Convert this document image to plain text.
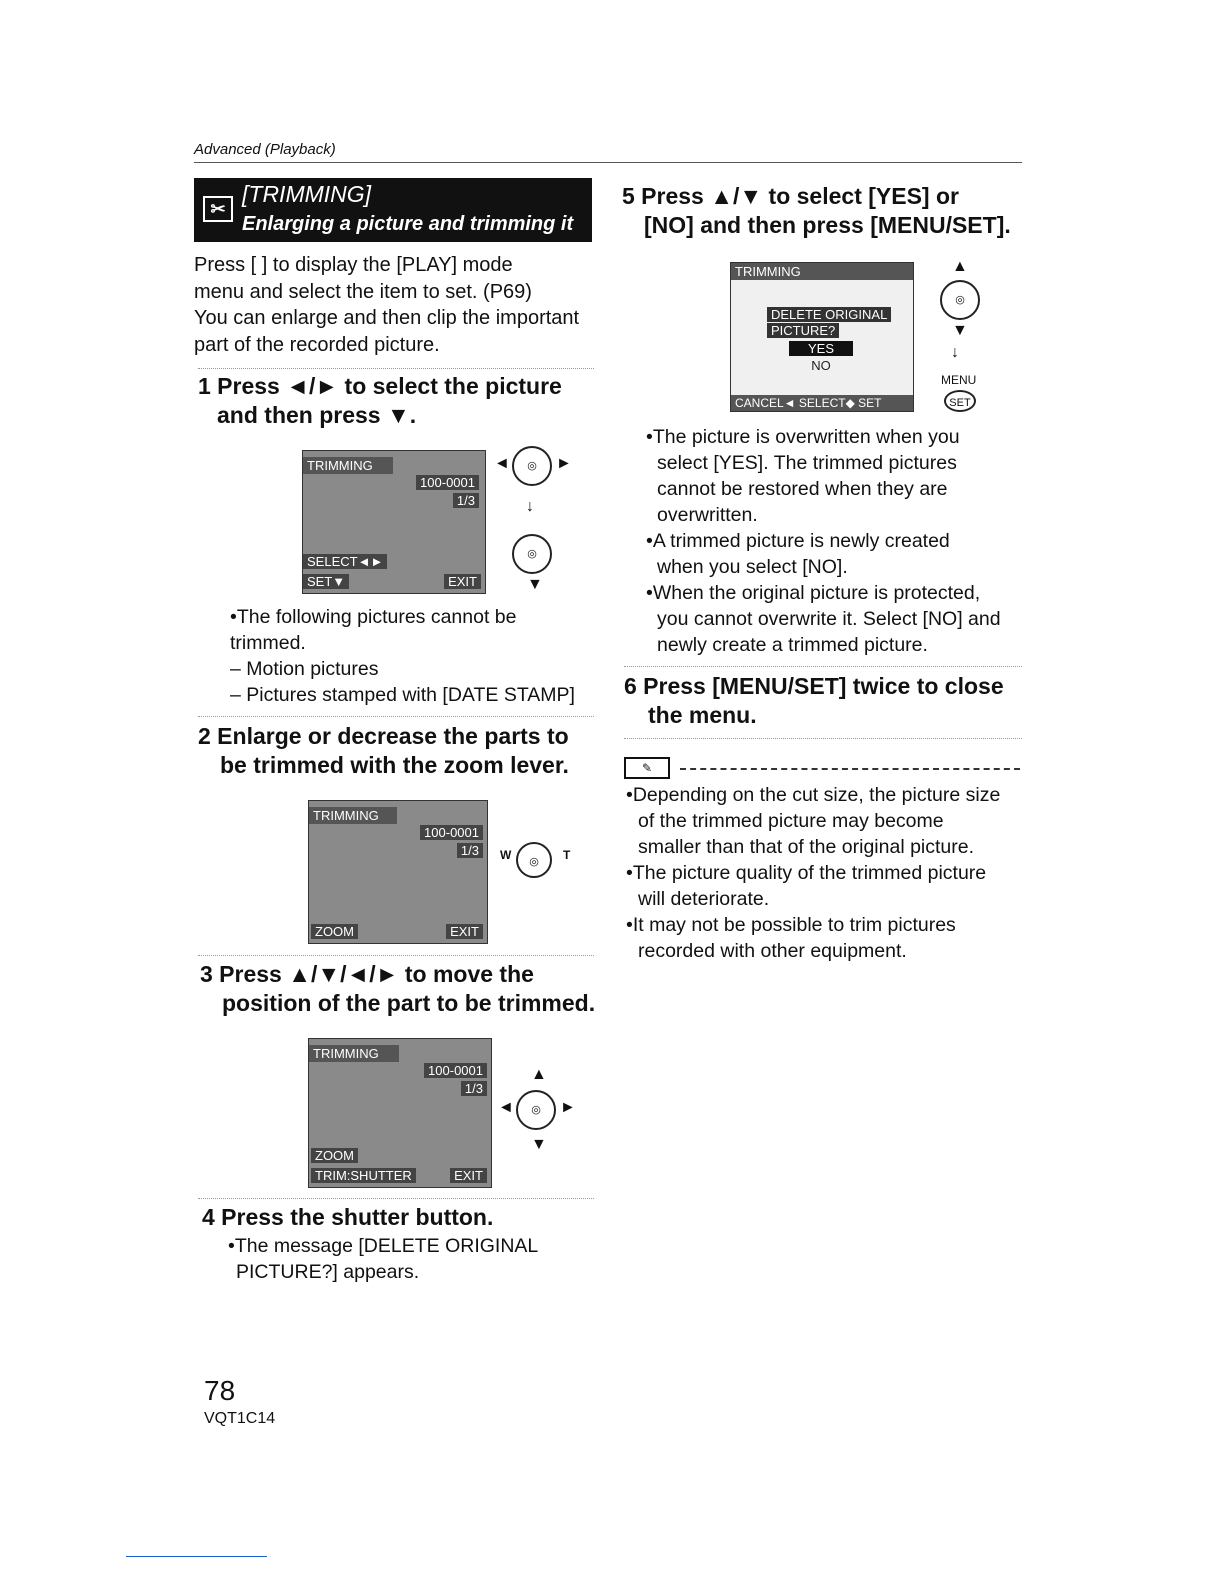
Advanced (Playback)
✂
[TRIMMING]
Enlarging a picture and trimming it
Press [ ] to display the [PLAY] mode
menu and select the item to set. (P69)
You can enlarge and then clip the important
part of the recorded picture.
1 Press ◄/► to select the picture
and then press ▼.
TRIMMING
100-0001
1/3
SELECT◄►
SET▼	EXIT
◎
◄	►
↓
◎
▼
•The following pictures cannot be
trimmed.
– Motion pictures
– Pictures stamped with [DATE STAMP]
2 Enlarge or decrease the parts to
be trimmed with the zoom lever.
TRIMMING
100-0001
1/3
ZOOM	EXIT
◎
W	T
3 Press ▲/▼/◄/► to move the
position of the part to be trimmed.
TRIMMING
100-0001
1/3
ZOOM
TRIM:SHUTTER	EXIT
▲
◎
◄	►
▼
4 Press the shutter button.
•The message [DELETE ORIGINAL
PICTURE?] appears.
5 Press ▲/▼ to select [YES] or
[NO] and then press [MENU/SET].
TRIMMING
DELETE ORIGINAL
PICTURE?
YES
NO
CANCEL◄ SELECT◆ SET
▲
◎
▼
↓
MENU
SET
•The picture is overwritten when you
select [YES]. The trimmed pictures
cannot be restored when they are
overwritten.
•A trimmed picture is newly created
when you select [NO].
•When the original picture is protected,
you cannot overwrite it. Select [NO] and
newly create a trimmed picture.
6 Press [MENU/SET] twice to close
the menu.
✎
•Depending on the cut size, the picture size
of the trimmed picture may become
smaller than that of the original picture.
•The picture quality of the trimmed picture
will deteriorate.
•It may not be possible to trim pictures
recorded with other equipment.
78
VQT1C14
